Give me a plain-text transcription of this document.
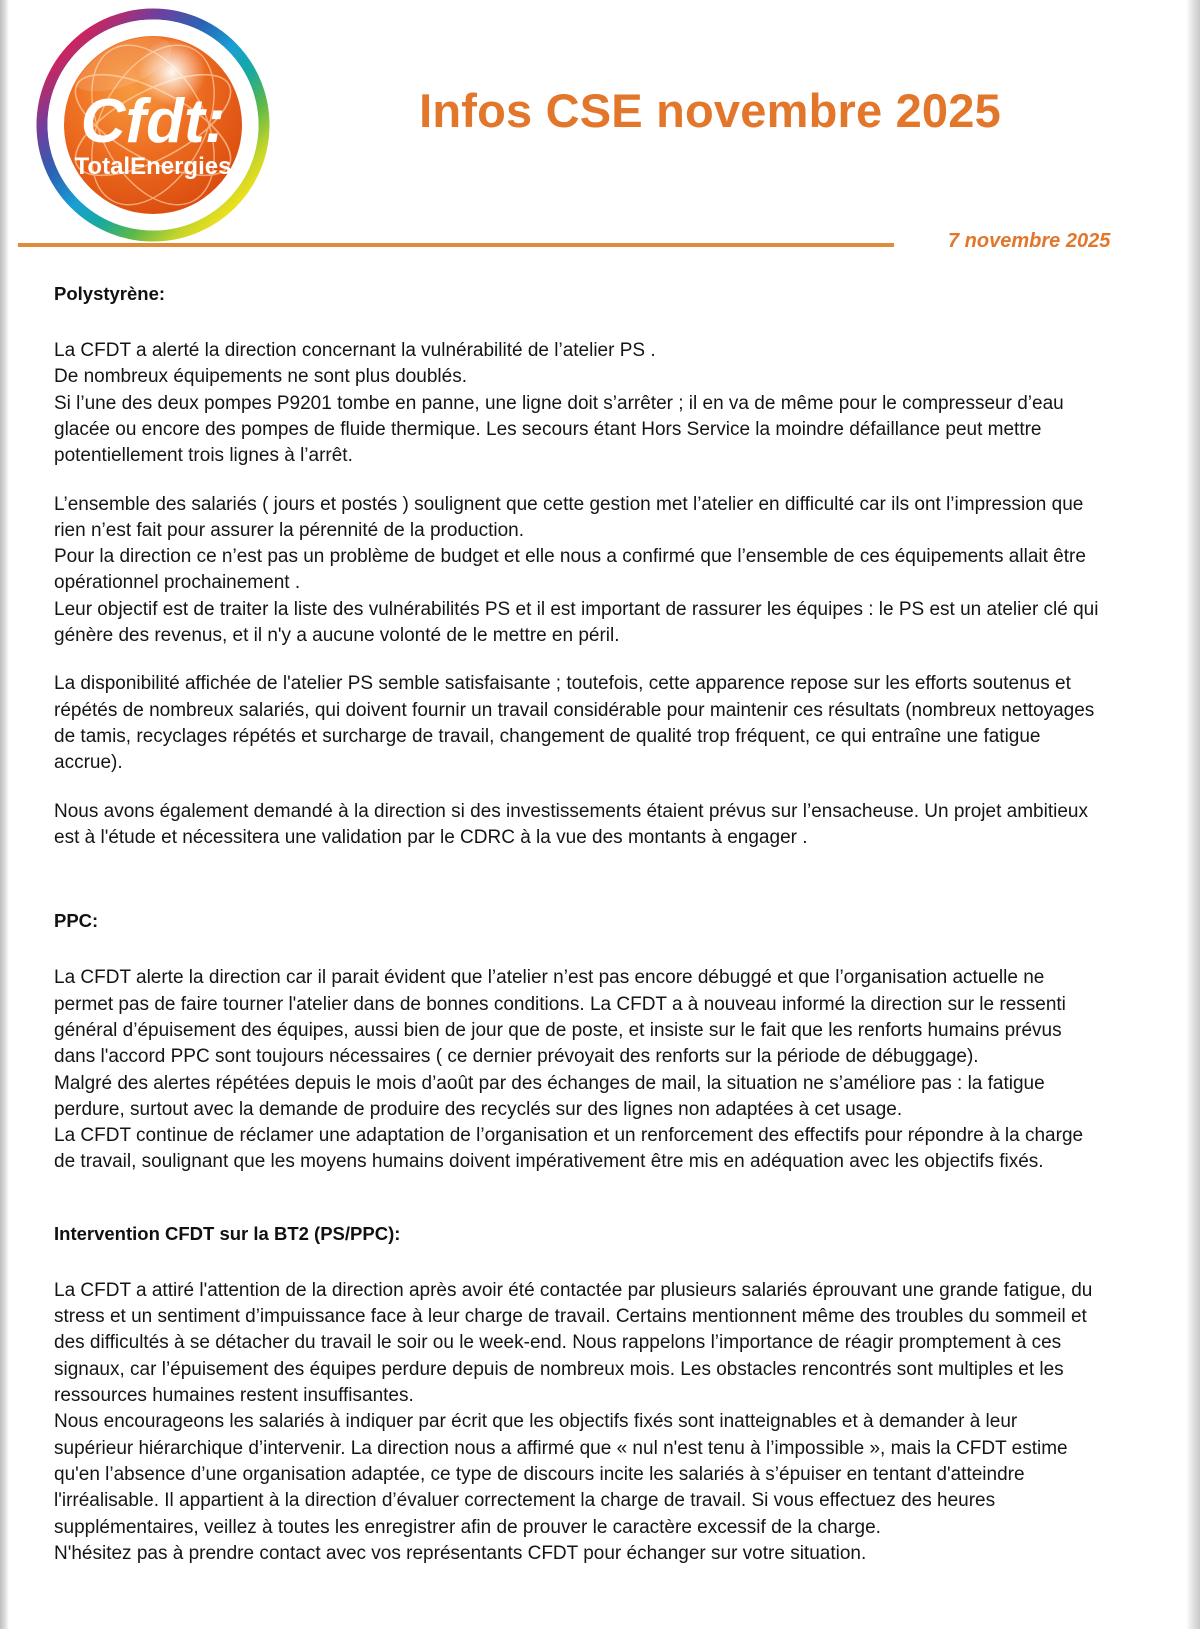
Cfdt:
TotalEnergies
Infos CSE novembre 2025
7 novembre 2025

Polystyrène:

La CFDT a alerté la direction concernant la vulnérabilité de l’atelier PS .
De nombreux équipements ne sont plus doublés.
Si l’une des deux pompes P9201 tombe en panne, une ligne doit s’arrêter ; il en va de même pour le compresseur d’eau glacée ou encore des pompes de fluide thermique. Les secours étant Hors Service la moindre défaillance peut mettre potentiellement trois lignes à l’arrêt.

L’ensemble des salariés ( jours et postés ) soulignent que cette gestion met l’atelier en difficulté car ils ont l’impression que rien n’est fait pour assurer la pérennité de la production.
Pour la direction ce n’est pas un problème de budget et elle nous a confirmé que l’ensemble de ces équipements allait être opérationnel prochainement .
Leur objectif est de traiter la liste des vulnérabilités PS et il est important de rassurer les équipes : le PS est un atelier clé qui génère des revenus, et il n'y a aucune volonté de le mettre en péril.

La disponibilité affichée de l'atelier PS semble satisfaisante ; toutefois, cette apparence repose sur les efforts soutenus et répétés de nombreux salariés, qui doivent fournir un travail considérable pour maintenir ces résultats (nombreux nettoyages de tamis, recyclages répétés et surcharge de travail, changement de qualité trop fréquent, ce qui entraîne une fatigue accrue).

Nous avons également demandé à la direction si des investissements étaient prévus sur l’ensacheuse. Un projet ambitieux est à l'étude et nécessitera une validation par le CDRC à la vue des montants à engager .

PPC:

La CFDT alerte la direction car il parait évident que l’atelier n’est pas encore débuggé et que l’organisation actuelle ne permet pas de faire tourner l'atelier dans de bonnes conditions. La CFDT a à nouveau informé la direction sur le ressenti général d’épuisement des équipes, aussi bien de jour que de poste, et insiste sur le fait que les renforts humains prévus dans l'accord PPC sont toujours nécessaires ( ce dernier prévoyait des renforts sur la période de débuggage).
Malgré des alertes répétées depuis le mois d’août par des échanges de mail, la situation ne s’améliore pas : la fatigue perdure, surtout avec la demande de produire des recyclés sur des lignes non adaptées à cet usage.
La CFDT continue de réclamer une adaptation de l’organisation et un renforcement des effectifs pour répondre à la charge de travail, soulignant que les moyens humains doivent impérativement être mis en adéquation avec les objectifs fixés.

Intervention CFDT sur la BT2 (PS/PPC):

La CFDT a attiré l'attention de la direction après avoir été contactée par plusieurs salariés éprouvant une grande fatigue, du stress et un sentiment d’impuissance face à leur charge de travail. Certains mentionnent même des troubles du sommeil et des difficultés à se détacher du travail le soir ou le week-end. Nous rappelons l’importance de réagir promptement à ces signaux, car l’épuisement des équipes perdure depuis de nombreux mois. Les obstacles rencontrés sont multiples et les ressources humaines restent insuffisantes.
Nous encourageons les salariés à indiquer par écrit que les objectifs fixés sont inatteignables et à demander à leur supérieur hiérarchique d’intervenir. La direction nous a affirmé que « nul n'est tenu à l’impossible », mais la CFDT estime qu'en l’absence d’une organisation adaptée, ce type de discours incite les salariés à s’épuiser en tentant d'atteindre l'irréalisable. Il appartient à la direction d’évaluer correctement la charge de travail. Si vous effectuez des heures supplémentaires, veillez à toutes les enregistrer afin de prouver le caractère excessif de la charge.
N'hésitez pas à prendre contact avec vos représentants CFDT pour échanger sur votre situation.
